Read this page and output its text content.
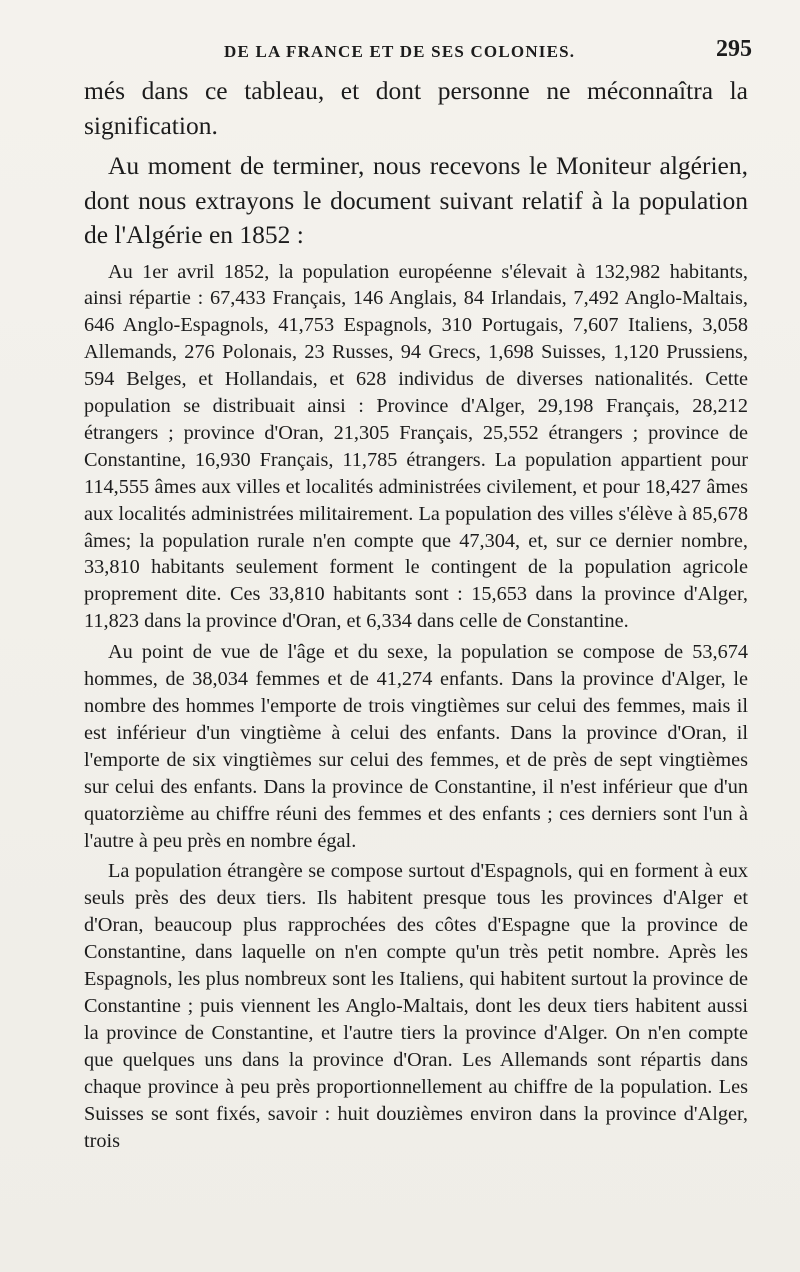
DE LA FRANCE ET DE SES COLONIES.	295

més dans ce tableau, et dont personne ne méconnaîtra la signification.

Au moment de terminer, nous recevons le Moniteur algérien, dont nous extrayons le document suivant relatif à la population de l'Algérie en 1852 :

Au 1er avril 1852, la population européenne s'élevait à 132,982 habitants, ainsi répartie : 67,433 Français, 146 Anglais, 84 Irlandais, 7,492 Anglo-Maltais, 646 Anglo-Espagnols, 41,753 Espagnols, 310 Portugais, 7,607 Italiens, 3,058 Allemands, 276 Polonais, 23 Russes, 94 Grecs, 1,698 Suisses, 1,120 Prussiens, 594 Belges, et Hollandais, et 628 individus de diverses nationalités. Cette population se distribuait ainsi : Province d'Alger, 29,198 Français, 28,212 étrangers ; province d'Oran, 21,305 Français, 25,552 étrangers ; province de Constantine, 16,930 Français, 11,785 étrangers. La population appartient pour 114,555 âmes aux villes et localités administrées civilement, et pour 18,427 âmes aux localités administrées militairement. La population des villes s'élève à 85,678 âmes; la population rurale n'en compte que 47,304, et, sur ce dernier nombre, 33,810 habitants seulement forment le contingent de la population agricole proprement dite. Ces 33,810 habitants sont : 15,653 dans la province d'Alger, 11,823 dans la province d'Oran, et 6,334 dans celle de Constantine.

Au point de vue de l'âge et du sexe, la population se compose de 53,674 hommes, de 38,034 femmes et de 41,274 enfants. Dans la province d'Alger, le nombre des hommes l'emporte de trois vingtièmes sur celui des femmes, mais il est inférieur d'un vingtième à celui des enfants. Dans la province d'Oran, il l'emporte de six vingtièmes sur celui des femmes, et de près de sept vingtièmes sur celui des enfants. Dans la province de Constantine, il n'est inférieur que d'un quatorzième au chiffre réuni des femmes et des enfants ; ces derniers sont l'un à l'autre à peu près en nombre égal.

La population étrangère se compose surtout d'Espagnols, qui en forment à eux seuls près des deux tiers. Ils habitent presque tous les provinces d'Alger et d'Oran, beaucoup plus rapprochées des côtes d'Espagne que la province de Constantine, dans laquelle on n'en compte qu'un très petit nombre. Après les Espagnols, les plus nombreux sont les Italiens, qui habitent surtout la province de Constantine ; puis viennent les Anglo-Maltais, dont les deux tiers habitent aussi la province de Constantine, et l'autre tiers la province d'Alger. On n'en compte que quelques uns dans la province d'Oran. Les Allemands sont répartis dans chaque province à peu près proportionnellement au chiffre de la population. Les Suisses se sont fixés, savoir : huit douzièmes environ dans la province d'Alger, trois
